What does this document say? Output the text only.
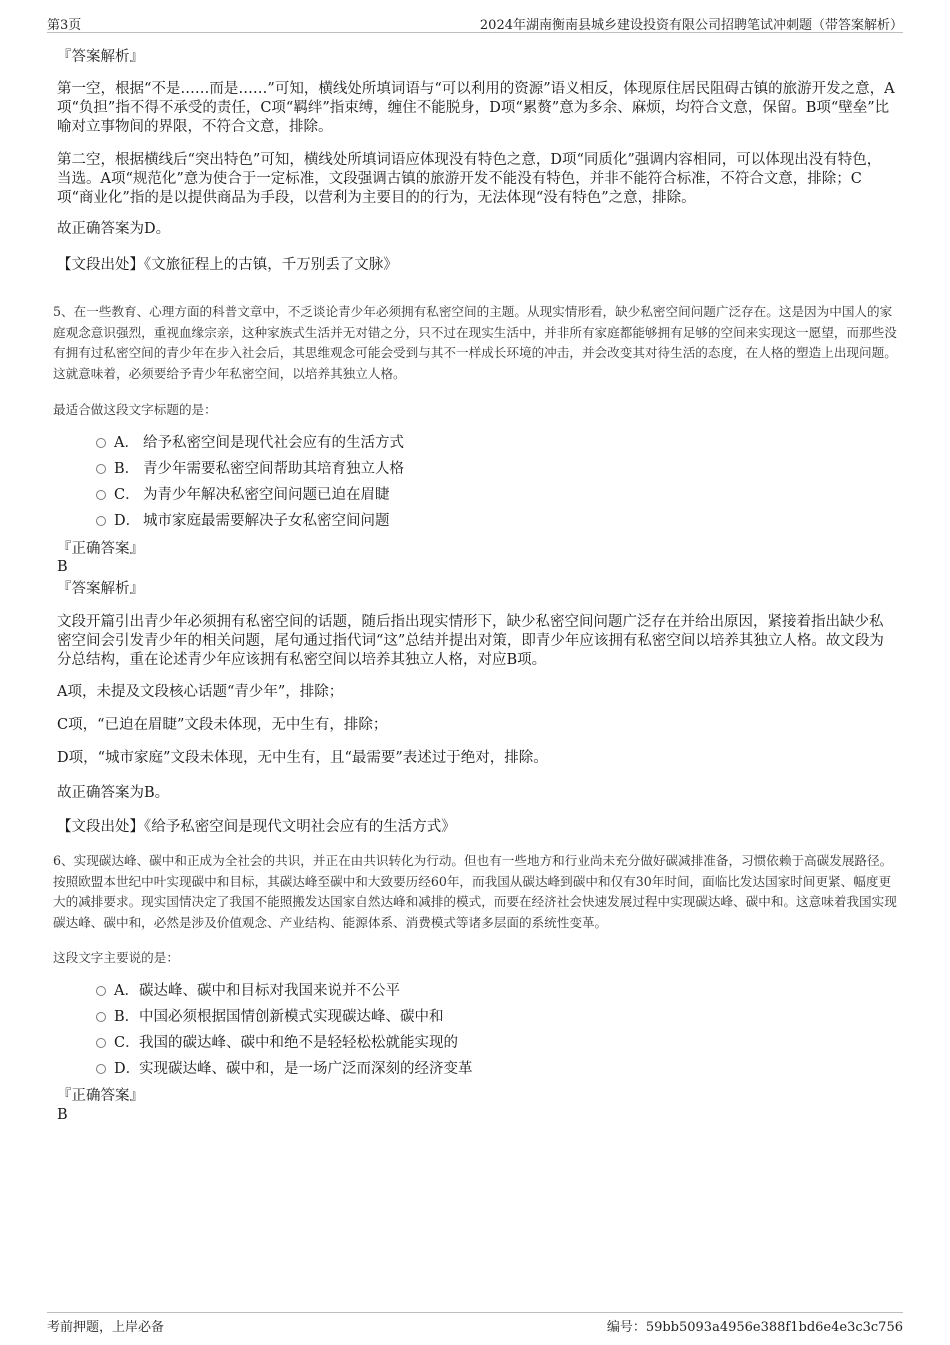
第3页	2024年湖南衡南县城乡建设投资有限公司招聘笔试冲刺题（带答案解析）

『答案解析』

第一空，根据“不是……而是……”可知，横线处所填词语与“可以利用的资源”语义相反，体现原住居民阻碍古镇的旅游开发之意，A项“负担”指不得不承受的责任，C项“羁绊”指束缚，缠住不能脱身，D项“累赘”意为多余、麻烦，均符合文意，保留。B项“壁垒”比喻对立事物间的界限，不符合文意，排除。

第二空，根据横线后“突出特色”可知，横线处所填词语应体现没有特色之意，D项“同质化”强调内容相同，可以体现出没有特色，当选。A项“规范化”意为使合于一定标准，文段强调古镇的旅游开发不能没有特色，并非不能符合标准，不符合文意，排除；C项“商业化”指的是以提供商品为手段，以营利为主要目的的行为，无法体现“没有特色”之意，排除。

故正确答案为D。

【文段出处】《文旅征程上的古镇，千万别丢了文脉》

5、在一些教育、心理方面的科普文章中，不乏谈论青少年必须拥有私密空间的主题。从现实情形看，缺少私密空间问题广泛存在。这是因为中国人的家庭观念意识强烈，重视血缘宗亲，这种家族式生活并无对错之分，只不过在现实生活中，并非所有家庭都能够拥有足够的空间来实现这一愿望，而那些没有拥有过私密空间的青少年在步入社会后，其思维观念可能会受到与其不一样成长环境的冲击，并会改变其对待生活的态度，在人格的塑造上出现问题。这就意味着，必须要给予青少年私密空间，以培养其独立人格。

最适合做这段文字标题的是：

A． 给予私密空间是现代社会应有的生活方式
B． 青少年需要私密空间帮助其培育独立人格
C． 为青少年解决私密空间问题已迫在眉睫
D． 城市家庭最需要解决子女私密空间问题

『正确答案』

B

『答案解析』

文段开篇引出青少年必须拥有私密空间的话题，随后指出现实情形下，缺少私密空间问题广泛存在并给出原因，紧接着指出缺少私密空间会引发青少年的相关问题，尾句通过指代词“这”总结并提出对策，即青少年应该拥有私密空间以培养其独立人格。故文段为分总结构，重在论述青少年应该拥有私密空间以培养其独立人格，对应B项。

A项，未提及文段核心话题“青少年”，排除；

C项，“已迫在眉睫”文段未体现，无中生有，排除；

D项，“城市家庭”文段未体现，无中生有，且“最需要”表述过于绝对，排除。

故正确答案为B。

【文段出处】《给予私密空间是现代文明社会应有的生活方式》

6、实现碳达峰、碳中和正成为全社会的共识，并正在由共识转化为行动。但也有一些地方和行业尚未充分做好碳减排准备，习惯依赖于高碳发展路径。按照欧盟本世纪中叶实现碳中和目标，其碳达峰至碳中和大致要历经60年，而我国从碳达峰到碳中和仅有30年时间，面临比发达国家时间更紧、幅度更大的减排要求。现实国情决定了我国不能照搬发达国家自然达峰和减排的模式，而要在经济社会快速发展过程中实现碳达峰、碳中和。这意味着我国实现碳达峰、碳中和，必然是涉及价值观念、产业结构、能源体系、消费模式等诸多层面的系统性变革。

这段文字主要说的是：

A．碳达峰、碳中和目标对我国来说并不公平
B．中国必须根据国情创新模式实现碳达峰、碳中和
C．我国的碳达峰、碳中和绝不是轻轻松松就能实现的
D．实现碳达峰、碳中和，是一场广泛而深刻的经济变革

『正确答案』

B

考前押题，上岸必备	编号：59bb5093a4956e388f1bd6e4e3c3c756
